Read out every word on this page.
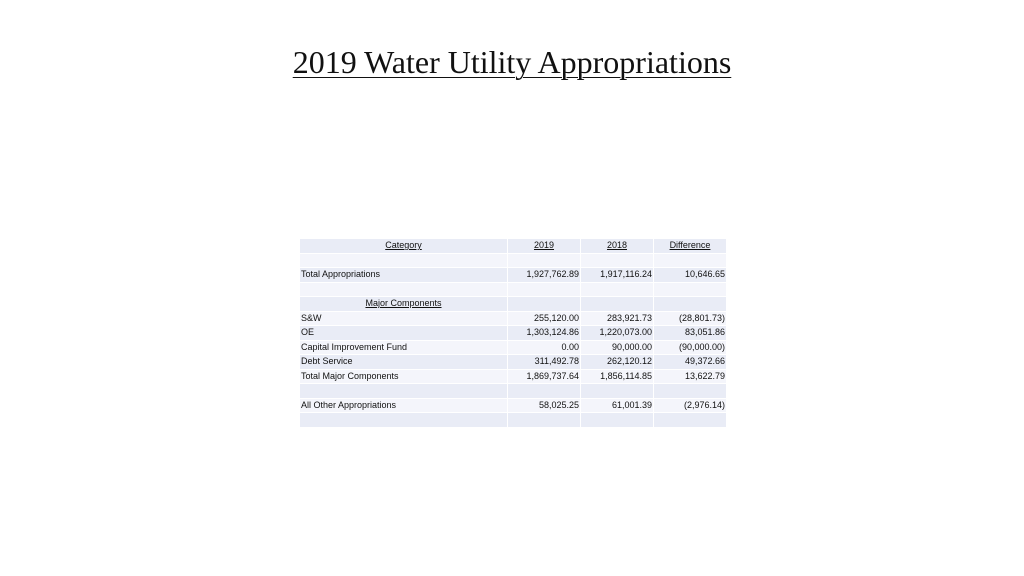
2019 Water Utility Appropriations
Category	2019	2018	Difference

Total Appropriations	1,927,762.89	1,917,116.24	10,646.65

Major Components			
S&W	255,120.00	283,921.73	(28,801.73)
OE	1,303,124.86	1,220,073.00	83,051.86
Capital Improvement Fund	0.00	90,000.00	(90,000.00)
Debt Service	311,492.78	262,120.12	49,372.66
Total Major Components	1,869,737.64	1,856,114.85	13,622.79

All Other Appropriations	58,025.25	61,001.39	(2,976.14)
